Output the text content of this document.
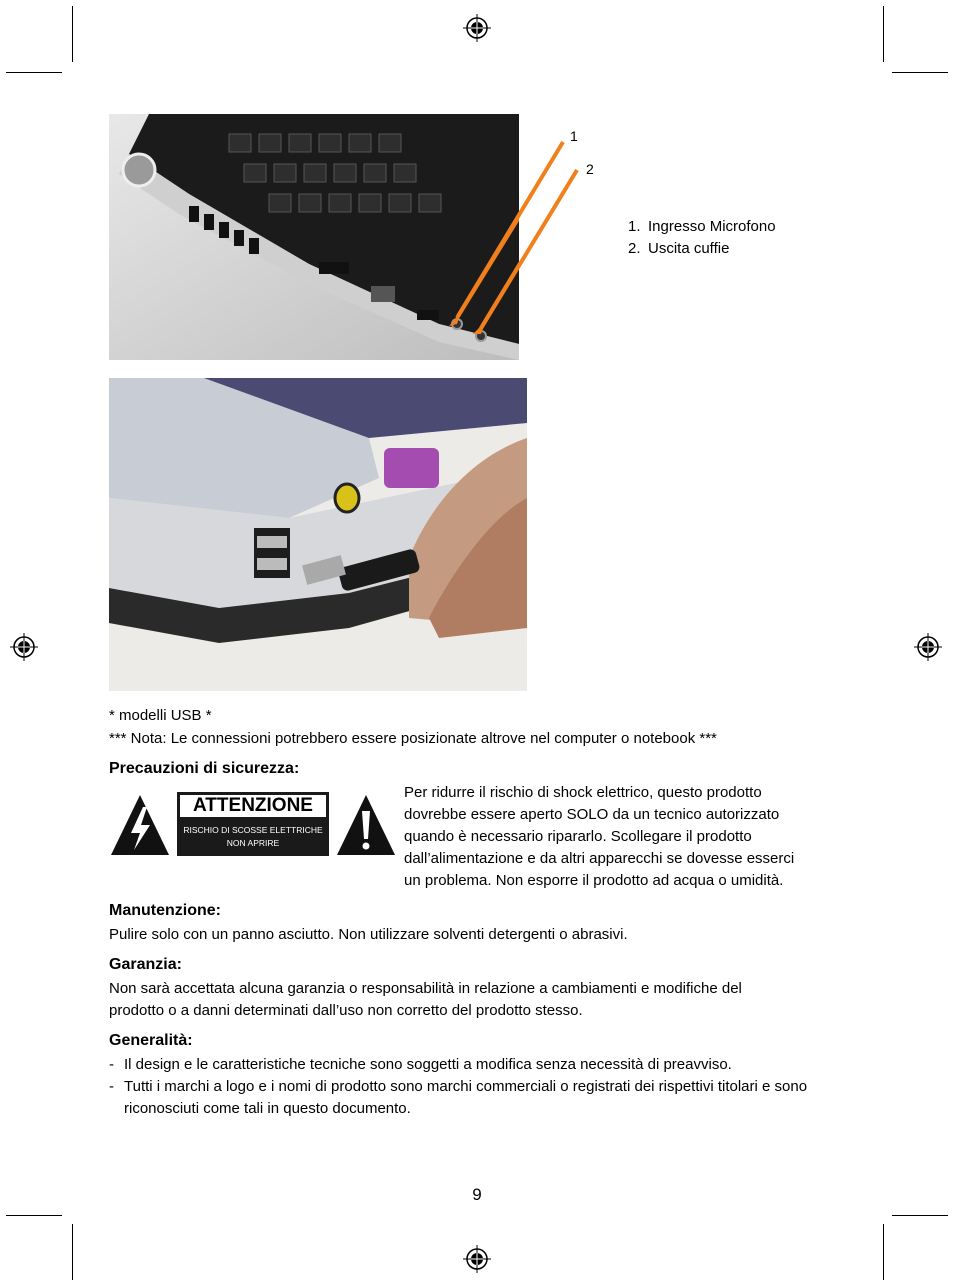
1
2
1. Ingresso Microfono
2. Uscita cuffie
* modelli USB *
*** Nota: Le connessioni potrebbero essere posizionate altrove nel computer o notebook ***
Precauzioni di sicurezza:
ATTENZIONE
RISCHIO DI SCOSSE ELETTRICHE
NON APRIRE
Per ridurre il rischio di shock elettrico, questo prodotto
dovrebbe essere aperto SOLO da un tecnico autorizzato
quando è necessario ripararlo. Scollegare il prodotto
dall’alimentazione e da altri apparecchi se dovesse esserci
un problema. Non esporre il prodotto ad acqua o umidità.
Manutenzione:
Pulire solo con un panno asciutto. Non utilizzare solventi detergenti o abrasivi.
Garanzia:
Non sarà accettata alcuna garanzia o responsabilità in relazione a cambiamenti e modifiche del
prodotto o a danni determinati dall’uso non corretto del prodotto stesso.
Generalità:
- Il design e le caratteristiche tecniche sono soggetti a modifica senza necessità di preavviso.
- Tutti i marchi a logo e i nomi di prodotto sono marchi commerciali o registrati dei rispettivi titolari e sono riconosciuti come tali in questo documento.
9
